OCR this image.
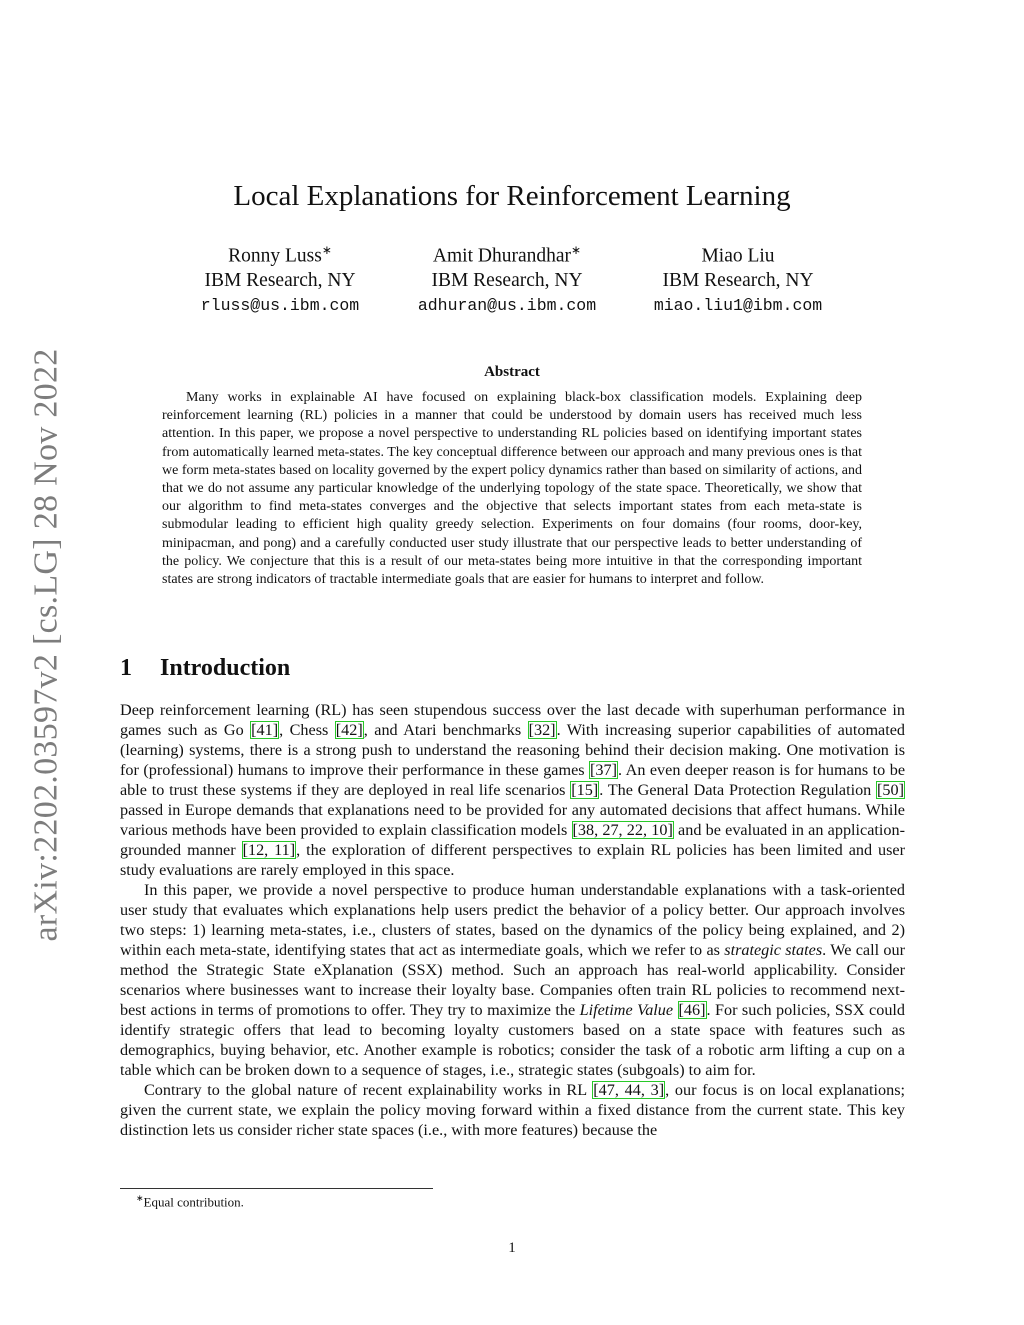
arXiv:2202.03597v2 [cs.LG] 28 Nov 2022
Local Explanations for Reinforcement Learning
Ronny Luss∗
IBM Research, NY
rluss@us.ibm.com
Amit Dhurandhar∗
IBM Research, NY
adhuran@us.ibm.com
Miao Liu
IBM Research, NY
miao.liu1@ibm.com
Abstract
Many works in explainable AI have focused on explaining black-box classification models. Explaining deep reinforcement learning (RL) policies in a manner that could be understood by domain users has received much less attention. In this paper, we propose a novel perspective to understanding RL policies based on identifying important states from automatically learned meta-states. The key conceptual difference between our approach and many previous ones is that we form meta-states based on locality governed by the expert policy dynamics rather than based on similarity of actions, and that we do not assume any particular knowledge of the underlying topology of the state space. Theoretically, we show that our algorithm to find meta-states converges and the objective that selects important states from each meta-state is submodular leading to efficient high quality greedy selection. Experiments on four domains (four rooms, door-key, minipacman, and pong) and a carefully conducted user study illustrate that our perspective leads to better understanding of the policy. We conjecture that this is a result of our meta-states being more intuitive in that the corresponding important states are strong indicators of tractable intermediate goals that are easier for humans to interpret and follow.
1 Introduction

Deep reinforcement learning (RL) has seen stupendous success over the last decade with superhuman performance in games such as Go [41], Chess [42], and Atari benchmarks [32]. With increasing superior capabilities of automated (learning) systems, there is a strong push to understand the reasoning behind their decision making. One motivation is for (professional) humans to improve their performance in these games [37]. An even deeper reason is for humans to be able to trust these systems if they are deployed in real life scenarios [15]. The General Data Protection Regulation [50] passed in Europe demands that explanations need to be provided for any automated decisions that affect humans. While various methods have been provided to explain classification models [38, 27, 22, 10] and be evaluated in an application-grounded manner [12, 11], the exploration of different perspectives to explain RL policies has been limited and user study evaluations are rarely employed in this space.

In this paper, we provide a novel perspective to produce human understandable explanations with a task-oriented user study that evaluates which explanations help users predict the behavior of a policy better. Our approach involves two steps: 1) learning meta-states, i.e., clusters of states, based on the dynamics of the policy being explained, and 2) within each meta-state, identifying states that act as intermediate goals, which we refer to as strategic states. We call our method the Strategic State eXplanation (SSX) method. Such an approach has real-world applicability. Consider scenarios where businesses want to increase their loyalty base. Companies often train RL policies to recommend next-best actions in terms of promotions to offer. They try to maximize the Lifetime Value [46]. For such policies, SSX could identify strategic offers that lead to becoming loyalty customers based on a state space with features such as demographics, buying behavior, etc. Another example is robotics; consider the task of a robotic arm lifting a cup on a table which can be broken down to a sequence of stages, i.e., strategic states (subgoals) to aim for.

Contrary to the global nature of recent explainability works in RL [47, 44, 3], our focus is on local explanations; given the current state, we explain the policy moving forward within a fixed distance from the current state. This key distinction lets us consider richer state spaces (i.e., with more features) because the

∗Equal contribution.
1
